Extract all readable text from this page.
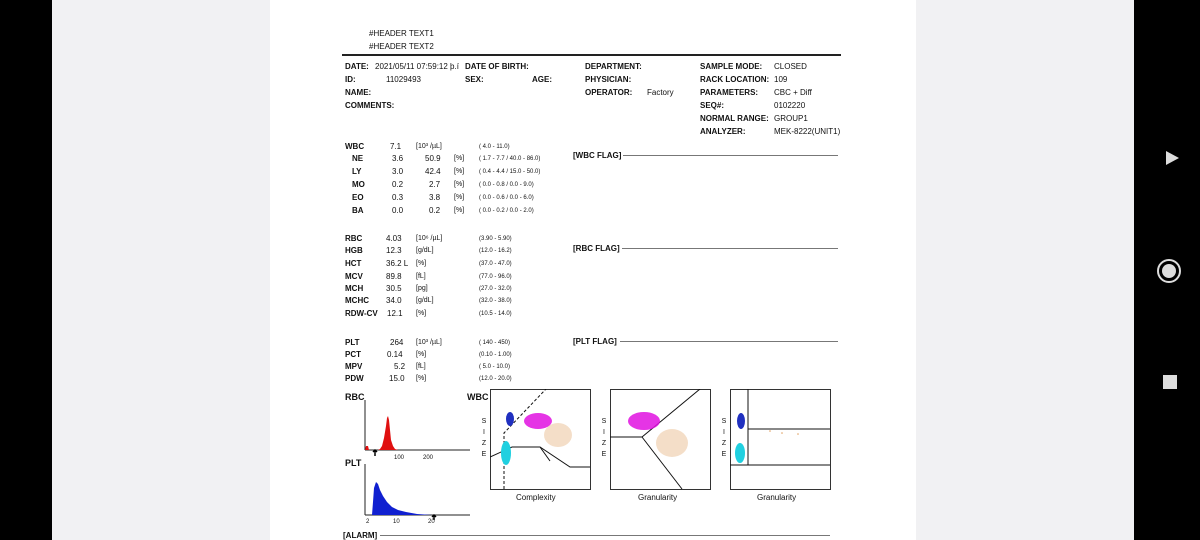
#HEADER TEXT1
#HEADER TEXT2
DATE: 2021/05/11 07:59:12 þ.í
ID:	11029493
NAME:
COMMENTS:
DATE OF BIRTH:
SEX:	AGE:
DEPARTMENT:
PHYSICIAN:
OPERATOR: Factory
SAMPLE MODE: CLOSED
RACK LOCATION: 109
PARAMETERS: CBC + Diff
SEQ#:	0102220
NORMAL RANGE: GROUP1
ANALYZER:	MEK-8222(UNIT1)
WBC	7.1 [10³ /µL]	( 4.0 - 11.0)
NE	3.6	50.9 [%] ( 1.7 - 7.7 / 40.0 - 86.0)
LY	3.0	42.4 [%] ( 0.4 - 4.4 / 15.0 - 50.0)
MO	0.2	2.7 [%] ( 0.0 - 0.8 / 0.0 - 9.0)
EO	0.3	3.8 [%] ( 0.0 - 0.6 / 0.0 - 6.0)
BA	0.0	0.2 [%] ( 0.0 - 0.2 / 0.0 - 2.0)
[WBC FLAG]
RBC	4.03 [10⁶ /µL]	(3.90 - 5.90)
HGB	12.3 [g/dL]	(12.0 - 16.2)
HCT	36.2 L [%]	(37.0 - 47.0)
MCV	89.8 [fL]	(77.0 - 96.0)
MCH	30.5 [pg]	(27.0 - 32.0)
MCHC 34.0 [g/dL]	(32.0 - 38.0)
RDW-CV 12.1 [%]	(10.5 - 14.0)
[RBC FLAG]
PLT	264 [10³ /µL]	( 140 - 450)
PCT	0.14 [%]	(0.10 - 1.00)
MPV	5.2 [fL]	( 5.0 - 10.0)
PDW	15.0 [%]	(12.0 - 20.0)
[PLT FLAG]
RBC
100	200
PLT
2	10	20
WBC
S
I
Z
E
Complexity
S
I
Z
E
Granularity
S
I
Z
E
Granularity
[ALARM]
